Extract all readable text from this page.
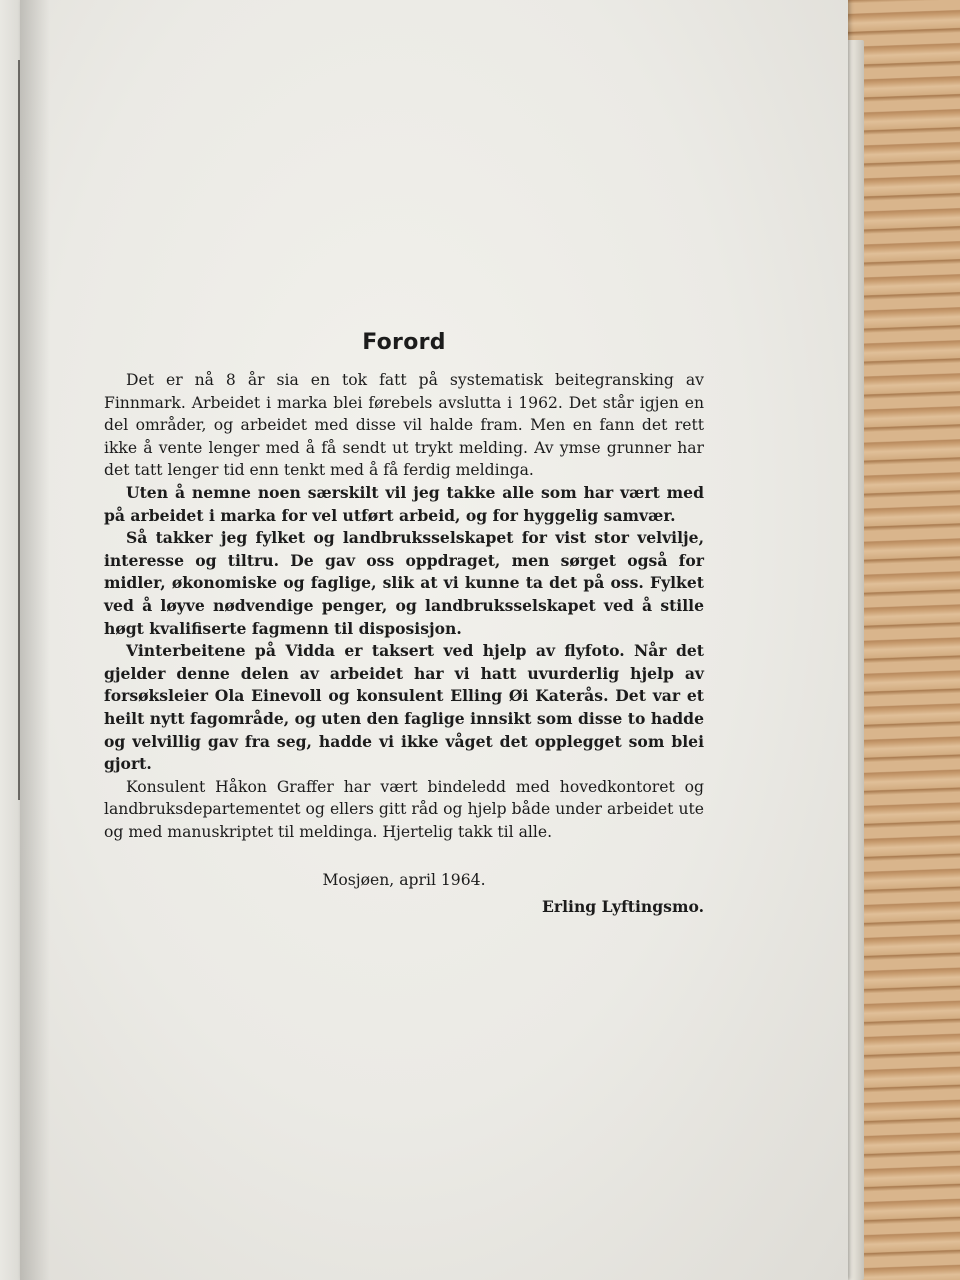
Forord

Det er nå 8 år sia en tok fatt på systematisk beitegransking av Finnmark. Arbeidet i marka blei førebels avslutta i 1962. Det står igjen en del områder, og arbeidet med disse vil halde fram. Men en fann det rett ikke å vente lenger med å få sendt ut trykt melding. Av ymse grunner har det tatt lenger tid enn tenkt med å få ferdig meldinga.

Uten å nemne noen særskilt vil jeg takke alle som har vært med på arbeidet i marka for vel utført arbeid, og for hyggelig samvær.

Så takker jeg fylket og landbruksselskapet for vist stor velvilje, interesse og tiltru. De gav oss oppdraget, men sørget også for midler, økonomiske og faglige, slik at vi kunne ta det på oss. Fylket ved å løyve nødvendige penger, og landbruksselskapet ved å stille høgt kvalifiserte fagmenn til disposisjon.

Vinterbeitene på Vidda er taksert ved hjelp av flyfoto. Når det gjelder denne delen av arbeidet har vi hatt uvurderlig hjelp av forsøksleier Ola Einevoll og konsulent Elling Øi Katerås. Det var et heilt nytt fagområde, og uten den faglige innsikt som disse to hadde og velvillig gav fra seg, hadde vi ikke våget det opplegget som blei gjort.

Konsulent Håkon Graffer har vært bindeledd med hovedkontoret og landbruksdepartementet og ellers gitt råd og hjelp både under arbeidet ute og med manuskriptet til meldinga. Hjertelig takk til alle.

Mosjøen, april 1964.

Erling Lyftingsmo.
